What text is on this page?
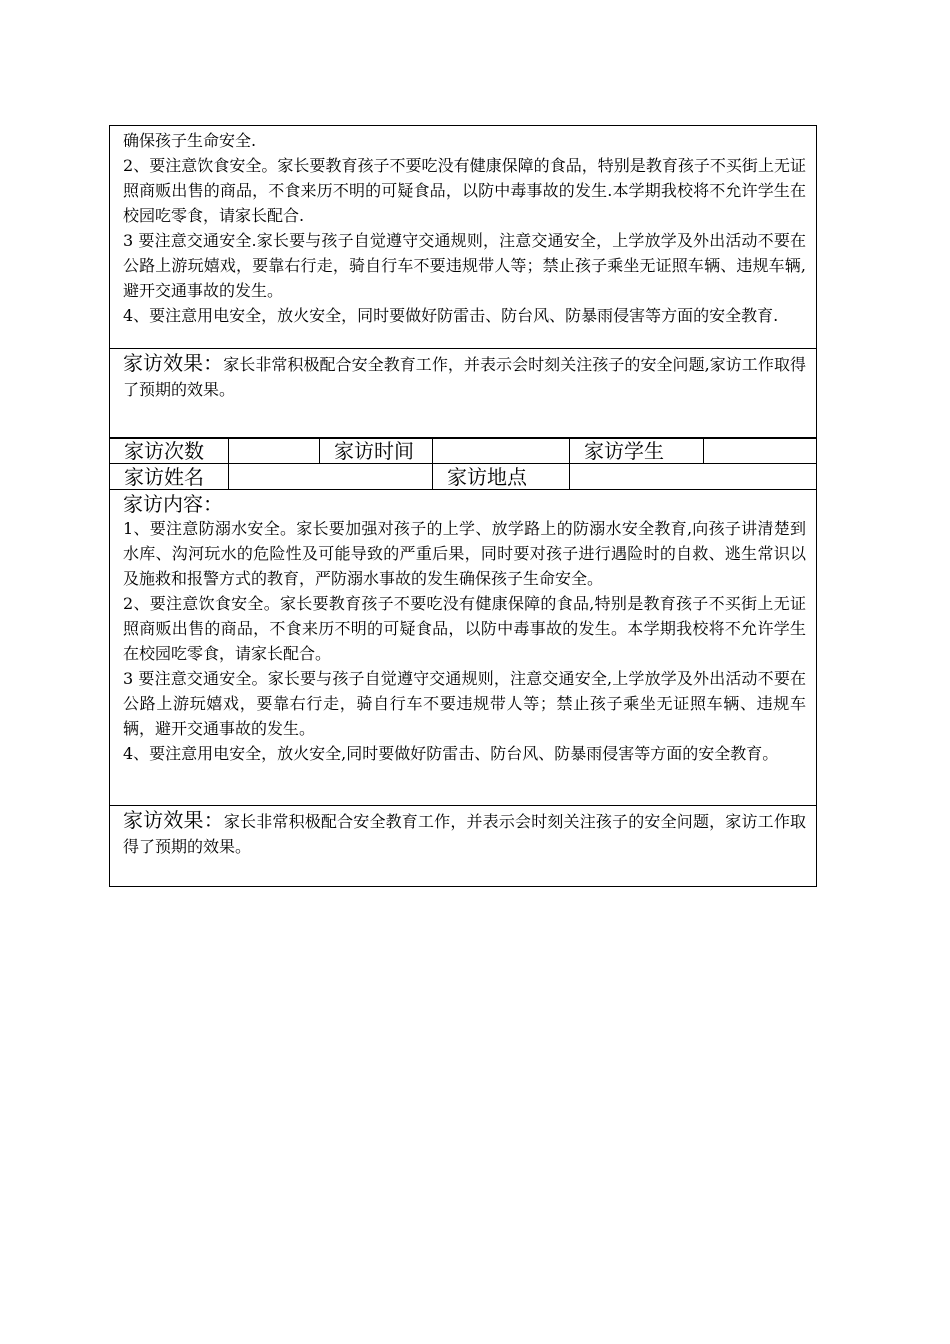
确保孩子生命安全.

2、要注意饮食安全。家长要教育孩子不要吃没有健康保障的食品，特别是教育孩子不买街上无证照商贩出售的商品，不食来历不明的可疑食品，以防中毒事故的发生.本学期我校将不允许学生在校园吃零食，请家长配合.

3 要注意交通安全.家长要与孩子自觉遵守交通规则，注意交通安全，上学放学及外出活动不要在公路上游玩嬉戏，要靠右行走，骑自行车不要违规带人等；禁止孩子乘坐无证照车辆、违规车辆,避开交通事故的发生。

4、要注意用电安全，放火安全，同时要做好防雷击、防台风、防暴雨侵害等方面的安全教育.

家访效果：家长非常积极配合安全教育工作，并表示会时刻关注孩子的安全问题,家访工作取得了预期的效果。

家访次数	家访时间	家访学生
家访姓名	家访地点
家访内容：

1、要注意防溺水安全。家长要加强对孩子的上学、放学路上的防溺水安全教育,向孩子讲清楚到水库、沟河玩水的危险性及可能导致的严重后果，同时要对孩子进行遇险时的自救、逃生常识以及施救和报警方式的教育，严防溺水事故的发生确保孩子生命安全。

2、要注意饮食安全。家长要教育孩子不要吃没有健康保障的食品,特别是教育孩子不买街上无证照商贩出售的商品，不食来历不明的可疑食品，以防中毒事故的发生。本学期我校将不允许学生在校园吃零食，请家长配合。

3 要注意交通安全。家长要与孩子自觉遵守交通规则，注意交通安全,上学放学及外出活动不要在公路上游玩嬉戏，要靠右行走，骑自行车不要违规带人等；禁止孩子乘坐无证照车辆、违规车辆，避开交通事故的发生。

4、要注意用电安全，放火安全,同时要做好防雷击、防台风、防暴雨侵害等方面的安全教育。

家访效果：家长非常积极配合安全教育工作，并表示会时刻关注孩子的安全问题，家访工作取得了预期的效果。
